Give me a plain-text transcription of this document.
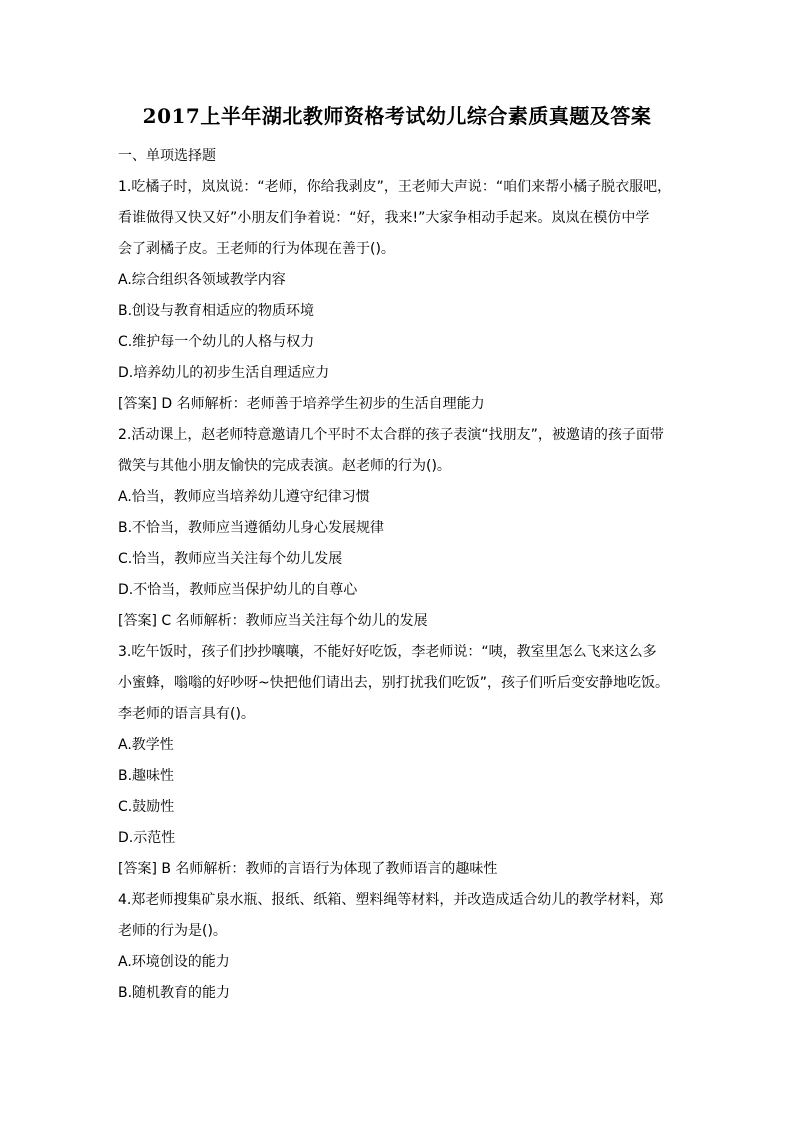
2017上半年湖北教师资格考试幼儿综合素质真题及答案
一、单项选择题
1.吃橘子时，岚岚说：“老师，你给我剥皮”，王老师大声说：“咱们来帮小橘子脱衣服吧，
看谁做得又快又好”小朋友们争着说：“好，我来!”大家争相动手起来。岚岚在模仿中学
会了剥橘子皮。王老师的行为体现在善于()。
A.综合组织各领域教学内容
B.创设与教育相适应的物质环境
C.维护每一个幼儿的人格与权力
D.培养幼儿的初步生活自理适应力
[答案] D 名师解析：老师善于培养学生初步的生活自理能力
2.活动课上，赵老师特意邀请几个平时不太合群的孩子表演“找朋友”，被邀请的孩子面带
微笑与其他小朋友愉快的完成表演。赵老师的行为()。
A.恰当，教师应当培养幼儿遵守纪律习惯
B.不恰当，教师应当遵循幼儿身心发展规律
C.恰当，教师应当关注每个幼儿发展
D.不恰当，教师应当保护幼儿的自尊心
[答案] C 名师解析：教师应当关注每个幼儿的发展
3.吃午饭时，孩子们抄抄嚷嚷，不能好好吃饭，李老师说：“咦，教室里怎么飞来这么多
小蜜蜂，嗡嗡的好吵呀~快把他们请出去，别打扰我们吃饭”，孩子们听后变安静地吃饭。
李老师的语言具有()。
A.教学性
B.趣味性
C.鼓励性
D.示范性
[答案] B 名师解析：教师的言语行为体现了教师语言的趣味性
4.郑老师搜集矿泉水瓶、报纸、纸箱、塑料绳等材料，并改造成适合幼儿的教学材料，郑
老师的行为是()。
A.环境创设的能力
B.随机教育的能力
